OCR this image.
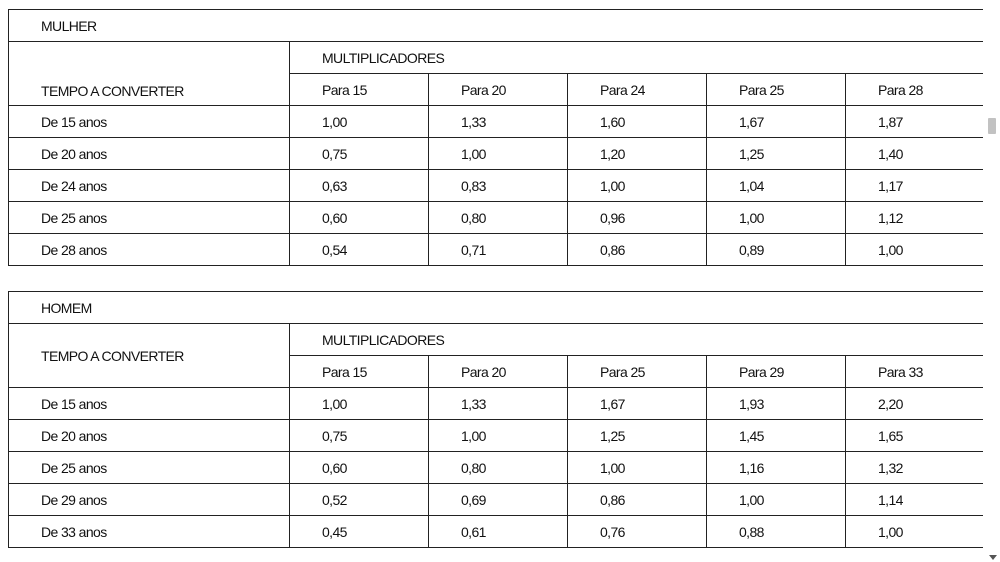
MULHER					
TEMPO A CONVERTER	MULTIPLICADORES				
	Para 15	Para 20	Para 24	Para 25	Para 28
De 15 anos	1,00	1,33	1,60	1,67	1,87
De 20 anos	0,75	1,00	1,20	1,25	1,40
De 24 anos	0,63	0,83	1,00	1,04	1,17
De 25 anos	0,60	0,80	0,96	1,00	1,12
De 28 anos	0,54	0,71	0,86	0,89	1,00
HOMEM					
TEMPO A CONVERTER	MULTIPLICADORES				
	Para 15	Para 20	Para 25	Para 29	Para 33
De 15 anos	1,00	1,33	1,67	1,93	2,20
De 20 anos	0,75	1,00	1,25	1,45	1,65
De 25 anos	0,60	0,80	1,00	1,16	1,32
De 29 anos	0,52	0,69	0,86	1,00	1,14
De 33 anos	0,45	0,61	0,76	0,88	1,00
